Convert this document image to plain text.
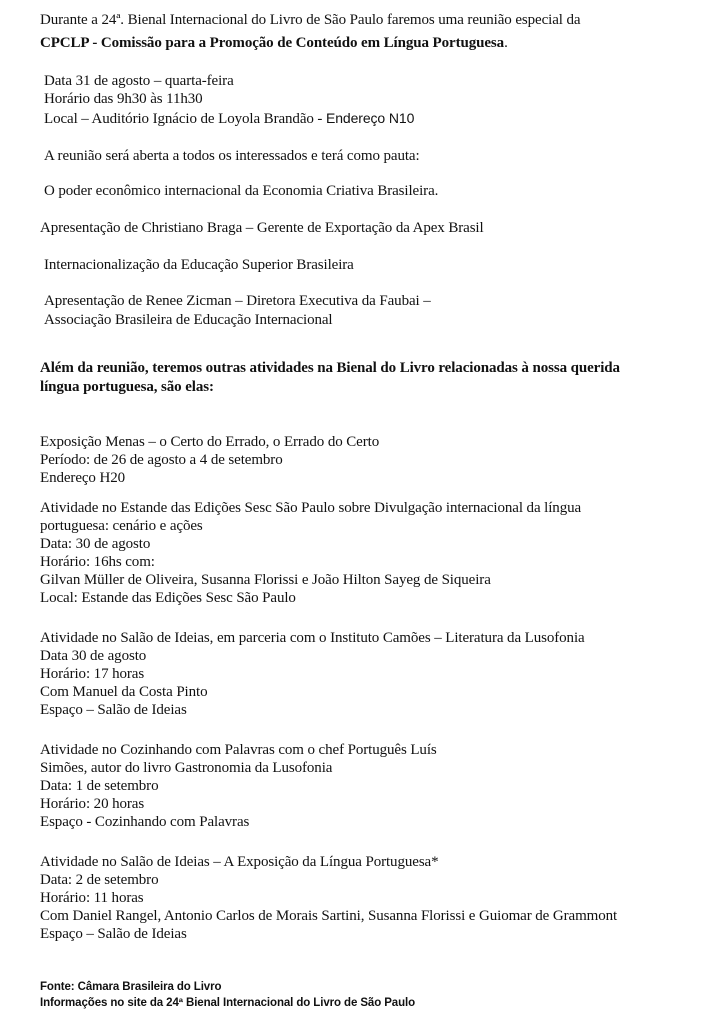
Durante a 24ª. Bienal Internacional do Livro de São Paulo faremos uma reunião especial da
CPCLP - Comissão para a Promoção de Conteúdo em Língua Portuguesa.
Data 31 de agosto – quarta-feira
Horário das 9h30 às 11h30
Local – Auditório Ignácio de Loyola Brandão - Endereço N10
A reunião será aberta a todos os interessados e terá como pauta:
O poder econômico internacional da Economia Criativa Brasileira.
Apresentação de Christiano Braga – Gerente de Exportação da Apex Brasil
Internacionalização da Educação Superior Brasileira
Apresentação de Renee Zicman – Diretora Executiva da Faubai –
Associação Brasileira de Educação Internacional
Além da reunião, teremos outras atividades na Bienal do Livro relacionadas à nossa querida
língua portuguesa, são elas:
Exposição Menas – o Certo do Errado, o Errado do Certo
Período: de 26 de agosto a 4 de setembro
Endereço H20
Atividade no Estande das Edições Sesc São Paulo sobre Divulgação internacional da língua
portuguesa: cenário e ações
Data: 30 de agosto
Horário: 16hs com:
Gilvan Müller de Oliveira, Susanna Florissi e João Hilton Sayeg de Siqueira
Local: Estande das Edições Sesc São Paulo
Atividade no Salão de Ideias, em parceria com o Instituto Camões – Literatura da Lusofonia
Data 30 de agosto
Horário: 17 horas
Com Manuel da Costa Pinto
Espaço – Salão de Ideias
Atividade no Cozinhando com Palavras com o chef Português Luís
Simões, autor do livro Gastronomia da Lusofonia
Data: 1 de setembro
Horário: 20 horas
Espaço - Cozinhando com Palavras
Atividade no Salão de Ideias – A Exposição da Língua Portuguesa*
Data: 2 de setembro
Horário: 11 horas
Com Daniel Rangel, Antonio Carlos de Morais Sartini, Susanna Florissi e Guiomar de Grammont
Espaço – Salão de Ideias
Fonte: Câmara Brasileira do Livro
Informações no site da 24ª Bienal Internacional do Livro de São Paulo
